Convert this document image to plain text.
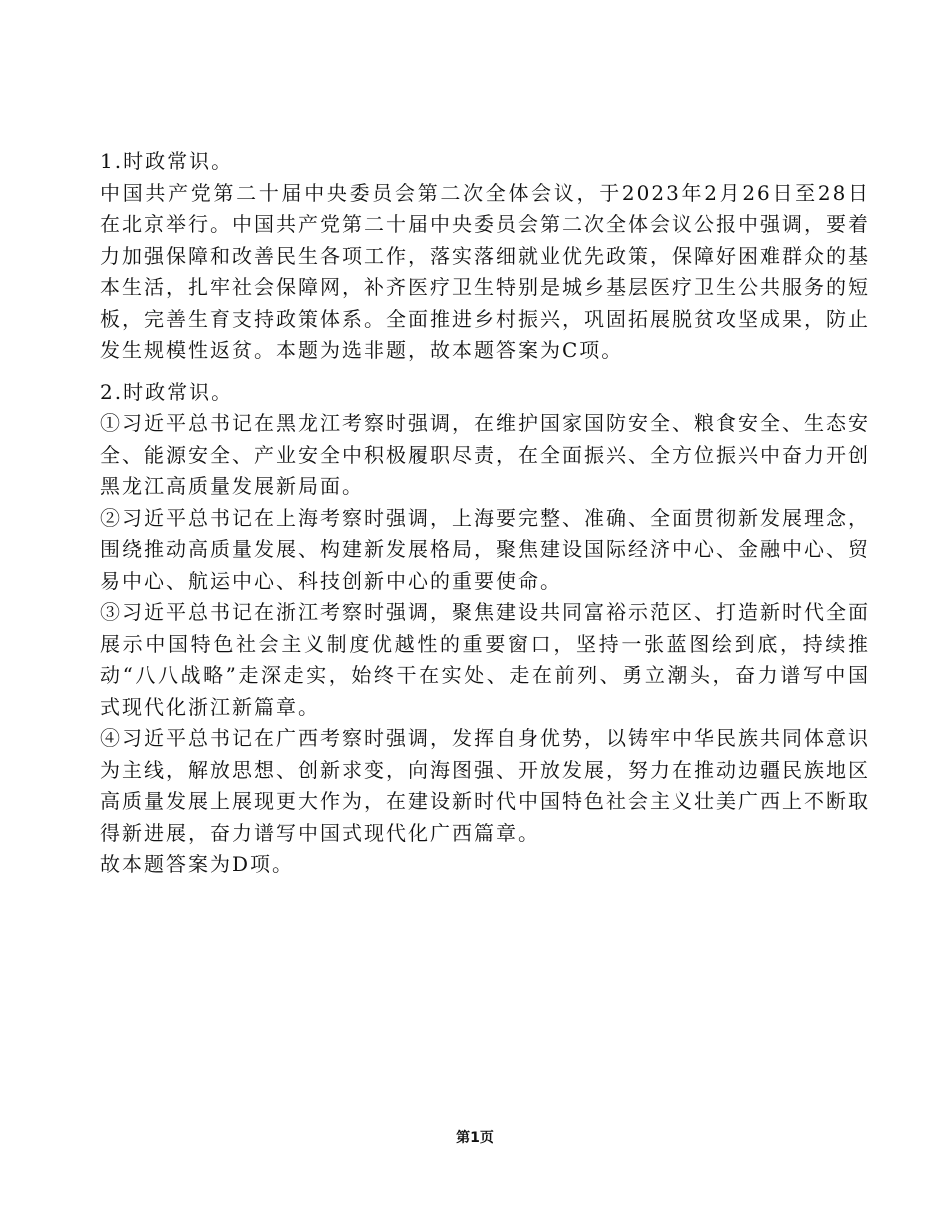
1.时政常识。

中国共产党第二十届中央委员会第二次全体会议，于2023年2月26日至28日在北京举行。中国共产党第二十届中央委员会第二次全体会议公报中强调，要着力加强保障和改善民生各项工作，落实落细就业优先政策，保障好困难群众的基本生活，扎牢社会保障网，补齐医疗卫生特别是城乡基层医疗卫生公共服务的短板，完善生育支持政策体系。全面推进乡村振兴，巩固拓展脱贫攻坚成果，防止发生规模性返贫。本题为选非题，故本题答案为C项。

2.时政常识。

①习近平总书记在黑龙江考察时强调，在维护国家国防安全、粮食安全、生态安全、能源安全、产业安全中积极履职尽责，在全面振兴、全方位振兴中奋力开创黑龙江高质量发展新局面。

②习近平总书记在上海考察时强调，上海要完整、准确、全面贯彻新发展理念，围绕推动高质量发展、构建新发展格局，聚焦建设国际经济中心、金融中心、贸易中心、航运中心、科技创新中心的重要使命。

③习近平总书记在浙江考察时强调，聚焦建设共同富裕示范区、打造新时代全面展示中国特色社会主义制度优越性的重要窗口，坚持一张蓝图绘到底，持续推动“八八战略”走深走实，始终干在实处、走在前列、勇立潮头，奋力谱写中国式现代化浙江新篇章。

④习近平总书记在广西考察时强调，发挥自身优势，以铸牢中华民族共同体意识为主线，解放思想、创新求变，向海图强、开放发展，努力在推动边疆民族地区高质量发展上展现更大作为，在建设新时代中国特色社会主义壮美广西上不断取得新进展，奋力谱写中国式现代化广西篇章。

故本题答案为D项。

第1页
